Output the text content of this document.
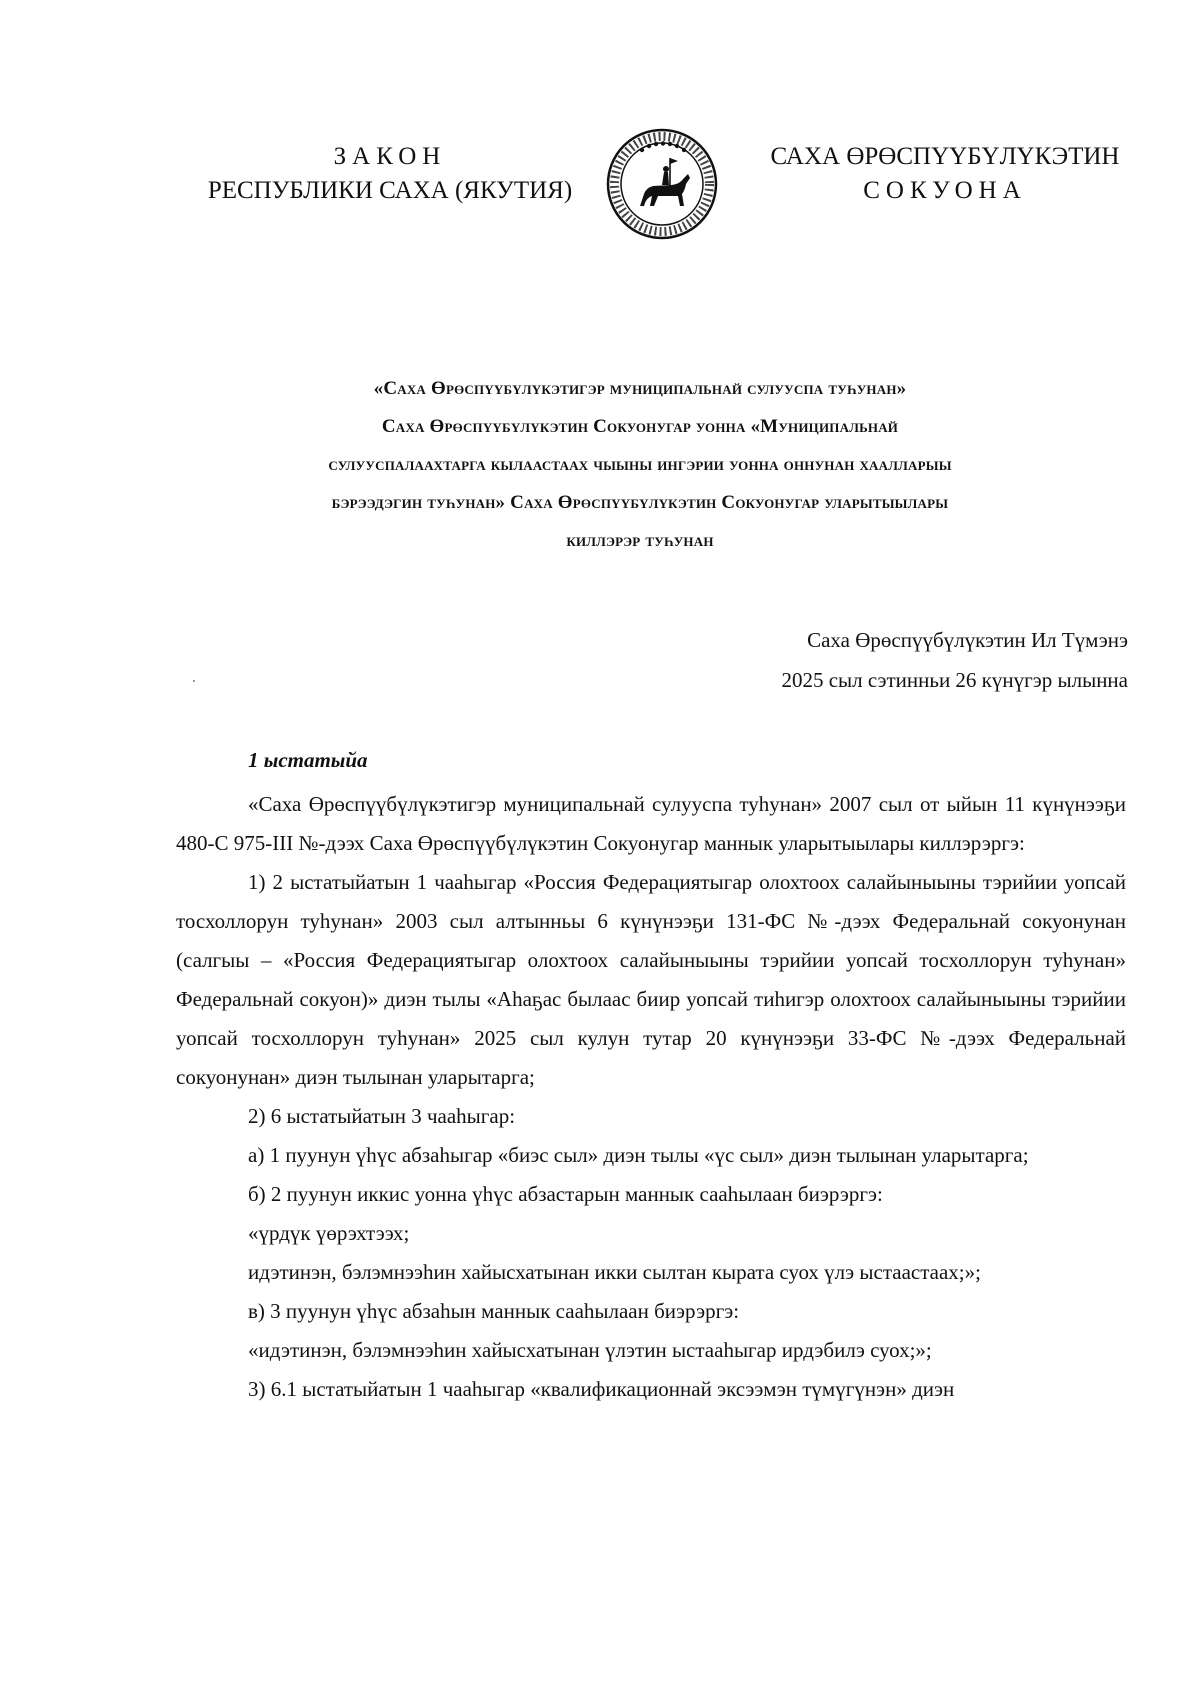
ЗАКОН
РЕСПУБЛИКИ САХА (ЯКУТИЯ)
САХА ӨРӨСПҮҮБҮЛҮКЭТИН
СОКУОНА
«Саха Өрөспүүбүлүкэтигэр муниципальнай сулууспа туһунан»
Саха Өрөспүүбүлүкэтин Сокуонугар уонна «Муниципальнай
сулууспалаахтарга кылаастаах чыыны ингэрии уонна оннунан хаалларыы
бэрээдэгин туһунан» Саха Өрөспүүбүлүкэтин Сокуонугар уларытыылары
киллэрэр туһунан
Саха Өрөспүүбүлүкэтин Ил Түмэнэ
2025 сыл сэтинньи 26 күнүгэр ылынна
1 ыстатыйа

«Саха Өрөспүүбүлүкэтигэр муниципальнай сулууспа туһунан» 2007 сыл от ыйын 11 күнүнээҕи 480-С 975-III №-дээх Саха Өрөспүүбүлүкэтин Сокуонугар маннык уларытыылары киллэрэргэ:

1) 2 ыстатыйатын 1 чааһыгар «Россия Федерациятыгар олохтоох салайыныыны тэрийии уопсай тосхоллорун туһунан» 2003 сыл алтынньы 6 күнүнээҕи 131-ФС №-дээх Федеральнай сокуонунан (салгыы – «Россия Федерациятыгар олохтоох салайыныыны тэрийии уопсай тосхоллорун туһунан» Федеральнай сокуон)» диэн тылы «Аһаҕас былаас биир уопсай тиһигэр олохтоох салайыныыны тэрийии уопсай тосхоллорун туһунан» 2025 сыл кулун тутар 20 күнүнээҕи 33-ФС №-дээх Федеральнай сокуонунан» диэн тылынан уларытарга;

2) 6 ыстатыйатын 3 чааһыгар:

а) 1 пуунун үһүс абзаһыгар «биэс сыл» диэн тылы «үс сыл» диэн тылынан уларытарга;

б) 2 пуунун иккис уонна үһүс абзастарын маннык сааһылаан биэрэргэ:

«үрдүк үөрэхтээх;

идэтинэн, бэлэмнээһин хайысхатынан икки сылтан кырата суох үлэ ыстаастаах;»;

в) 3 пуунун үһүс абзаһын маннык сааһылаан биэрэргэ:

«идэтинэн, бэлэмнээһин хайысхатынан үлэтин ыстааһыгар ирдэбилэ суох;»;

3) 6.1 ыстатыйатын 1 чааһыгар «квалификационнай эксээмэн түмүгүнэн» диэн
